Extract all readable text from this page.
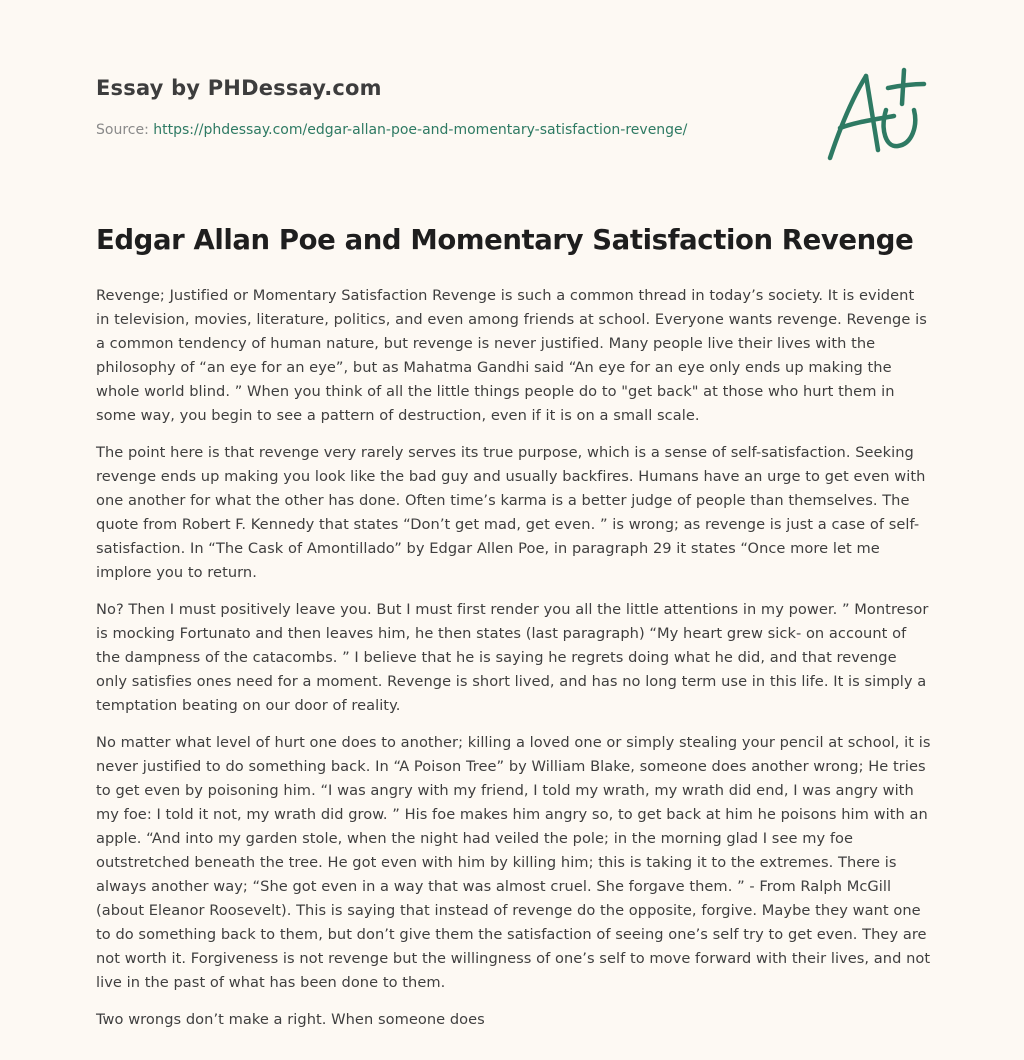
Essay by PHDessay.com
Source: https://phdessay.com/edgar-allan-poe-and-momentary-satisfaction-revenge/
Edgar Allan Poe and Momentary Satisfaction Revenge

Revenge; Justified or Momentary Satisfaction Revenge is such a common thread in today’s society. It is evident in television, movies, literature, politics, and even among friends at school. Everyone wants revenge. Revenge is a common tendency of human nature, but revenge is never justified. Many people live their lives with the philosophy of “an eye for an eye”, but as Mahatma Gandhi said “An eye for an eye only ends up making the whole world blind. ” When you think of all the little things people do to "get back" at those who hurt them in some way, you begin to see a pattern of destruction, even if it is on a small scale.

The point here is that revenge very rarely serves its true purpose, which is a sense of self-satisfaction. Seeking revenge ends up making you look like the bad guy and usually backfires. Humans have an urge to get even with one another for what the other has done. Often time’s karma is a better judge of people than themselves. The quote from Robert F. Kennedy that states “Don’t get mad, get even. ” is wrong; as revenge is just a case of self-satisfaction. In “The Cask of Amontillado” by Edgar Allen Poe, in paragraph 29 it states “Once more let me implore you to return.

No? Then I must positively leave you. But I must first render you all the little attentions in my power. ” Montresor is mocking Fortunato and then leaves him, he then states (last paragraph) “My heart grew sick- on account of the dampness of the catacombs. ” I believe that he is saying he regrets doing what he did, and that revenge only satisfies ones need for a moment. Revenge is short lived, and has no long term use in this life. It is simply a temptation beating on our door of reality.

No matter what level of hurt one does to another; killing a loved one or simply stealing your pencil at school, it is never justified to do something back. In “A Poison Tree” by William Blake, someone does another wrong; He tries to get even by poisoning him. “I was angry with my friend, I told my wrath, my wrath did end, I was angry with my foe: I told it not, my wrath did grow. ” His foe makes him angry so, to get back at him he poisons him with an apple. “And into my garden stole, when the night had veiled the pole; in the morning glad I see my foe outstretched beneath the tree. He got even with him by killing him; this is taking it to the extremes. There is always another way; “She got even in a way that was almost cruel. She forgave them. ” - From Ralph McGill (about Eleanor Roosevelt). This is saying that instead of revenge do the opposite, forgive. Maybe they want one to do something back to them, but don’t give them the satisfaction of seeing one’s self try to get even. They are not worth it. Forgiveness is not revenge but the willingness of one’s self to move forward with their lives, and not live in the past of what has been done to them.

Two wrongs don’t make a right. When someone does
